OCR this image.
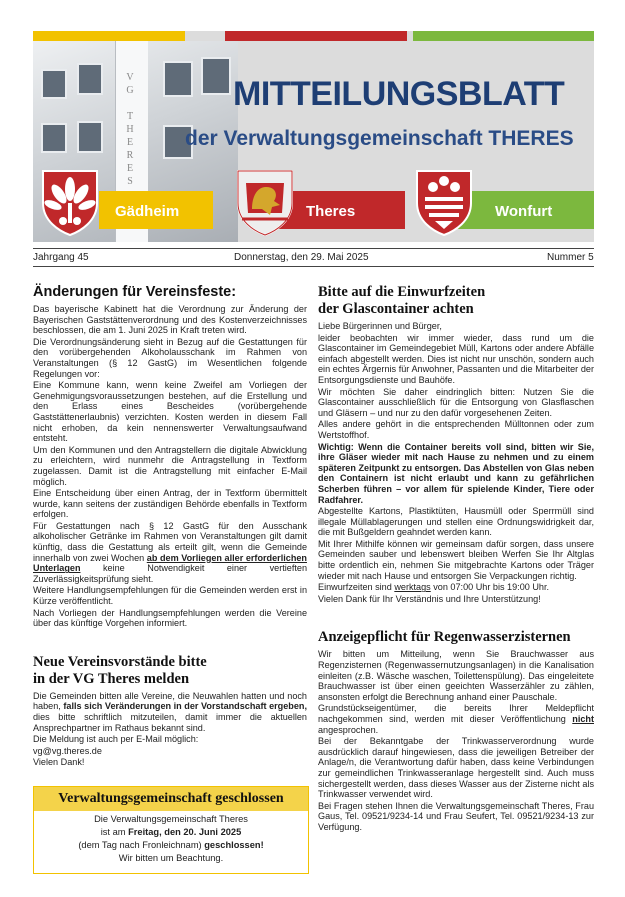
V
G

T
H
E
R
E
S
MITTEILUNGSBLATT
der Verwaltungsgemeinschaft THERES
Gädheim	Theres	Wonfurt
Jahrgang 45	Donnerstag, den 29. Mai 2025	Nummer 5
Änderungen für Vereinsfeste:

Das bayerische Kabinett hat die Verordnung zur Änderung der Bayerischen Gaststättenverordnung und des Kostenverzeichnisses beschlossen, die am 1. Juni 2025 in Kraft treten wird.

Die Verordnungsänderung sieht in Bezug auf die Gestattungen für den vorübergehenden Alkoholausschank im Rahmen von Veranstaltungen (§ 12 GastG) im Wesentlichen folgende Regelungen vor:

Eine Kommune kann, wenn keine Zweifel am Vorliegen der Genehmigungsvoraussetzungen bestehen, auf die Erstellung und den Erlass eines Bescheides (vorübergehende Gaststättenerlaubnis) verzichten. Kosten werden in diesem Fall nicht erhoben, da kein nennenswerter Verwaltungsaufwand entsteht.

Um den Kommunen und den Antragstellern die digitale Abwicklung zu erleichtern, wird nunmehr die Antragstellung in Textform zugelassen. Damit ist die Antragstellung mit einfacher E-Mail möglich.

Eine Entscheidung über einen Antrag, der in Textform übermittelt wurde, kann seitens der zuständigen Behörde ebenfalls in Textform erfolgen.

Für Gestattungen nach § 12 GastG für den Ausschank alkoholischer Getränke im Rahmen von Veranstaltungen gilt damit künftig, dass die Gestattung als erteilt gilt, wenn die Gemeinde innerhalb von zwei Wochen ab dem Vorliegen aller erforderlichen Unterlagen keine Notwendigkeit einer vertieften Zuverlässigkeitsprüfung sieht.

Weitere Handlungsempfehlungen für die Gemeinden werden erst in Kürze veröffentlicht.

Nach Vorliegen der Handlungsempfehlungen werden die Vereine über das künftige Vorgehen informiert.

Neue Vereinsvorstände bitte
in der VG Theres melden

Die Gemeinden bitten alle Vereine, die Neuwahlen hatten und noch haben, falls sich Veränderungen in der Vorstandschaft ergeben, dies bitte schriftlich mitzuteilen, damit immer die aktuellen Ansprechpartner im Rathaus bekannt sind.

Die Meldung ist auch per E-Mail möglich:

vg@vg.theres.de

Vielen Dank!

Verwaltungsgemeinschaft geschlossen
Die Verwaltungsgemeinschaft Theres
ist am Freitag, den 20. Juni 2025
(dem Tag nach Fronleichnam) geschlossen!
Wir bitten um Beachtung.
Bitte auf die Einwurfzeiten
der Glascontainer achten

Liebe Bürgerinnen und Bürger,

leider beobachten wir immer wieder, dass rund um die Glascontainer im Gemeindegebiet Müll, Kartons oder andere Abfälle einfach abgestellt werden. Dies ist nicht nur unschön, sondern auch ein echtes Ärgernis für Anwohner, Passanten und die Mitarbeiter der Entsorgungsdienste und Bauhöfe.

Wir möchten Sie daher eindringlich bitten: Nutzen Sie die Glascontainer ausschließlich für die Entsorgung von Glasflaschen und Gläsern – und nur zu den dafür vorgesehenen Zeiten.

Alles andere gehört in die entsprechenden Mülltonnen oder zum Wertstoffhof.

Wichtig: Wenn die Container bereits voll sind, bitten wir Sie, ihre Gläser wieder mit nach Hause zu nehmen und zu einem späteren Zeitpunkt zu entsorgen. Das Abstellen von Glas neben den Containern ist nicht erlaubt und kann zu gefährlichen Scherben führen – vor allem für spielende Kinder, Tiere oder Radfahrer.

Abgestellte Kartons, Plastiktüten, Hausmüll oder Sperrmüll sind illegale Müllablagerungen und stellen eine Ordnungswidrigkeit dar, die mit Bußgeldern geahndet werden kann.

Mit Ihrer Mithilfe können wir gemeinsam dafür sorgen, dass unsere Gemeinden sauber und lebenswert bleiben Werfen Sie Ihr Altglas bitte ordentlich ein, nehmen Sie mitgebrachte Kartons oder Träger wieder mit nach Hause und entsorgen Sie Verpackungen richtig.

Einwurfzeiten sind werktags von 07:00 Uhr bis 19:00 Uhr.

Vielen Dank für Ihr Verständnis und Ihre Unterstützung!

Anzeigepflicht für Regenwasserzisternen

Wir bitten um Mitteilung, wenn Sie Brauchwasser aus Regenzisternen (Regenwassernutzungsanlagen) in die Kanalisation einleiten (z.B. Wäsche waschen, Toilettenspülung). Das eingeleitete Brauchwasser ist über einen geeichten Wasserzähler zu zählen, ansonsten erfolgt die Berechnung anhand einer Pauschale.

Grundstückseigentümer, die bereits Ihrer Meldepflicht nachgekommen sind, werden mit dieser Veröffentlichung nicht angesprochen.

Bei der Bekanntgabe der Trinkwasserverordnung wurde ausdrücklich darauf hingewiesen, dass die jeweiligen Betreiber der Anlage/n, die Verantwortung dafür haben, dass keine Verbindungen zur gemeindlichen Trinkwasseranlage hergestellt sind. Auch muss sichergestellt werden, dass dieses Wasser aus der Zisterne nicht als Trinkwasser verwendet wird.

Bei Fragen stehen Ihnen die Verwaltungsgemeinschaft Theres, Frau Gaus, Tel. 09521/9234-14 und Frau Seufert, Tel. 09521/9234-13 zur Verfügung.
